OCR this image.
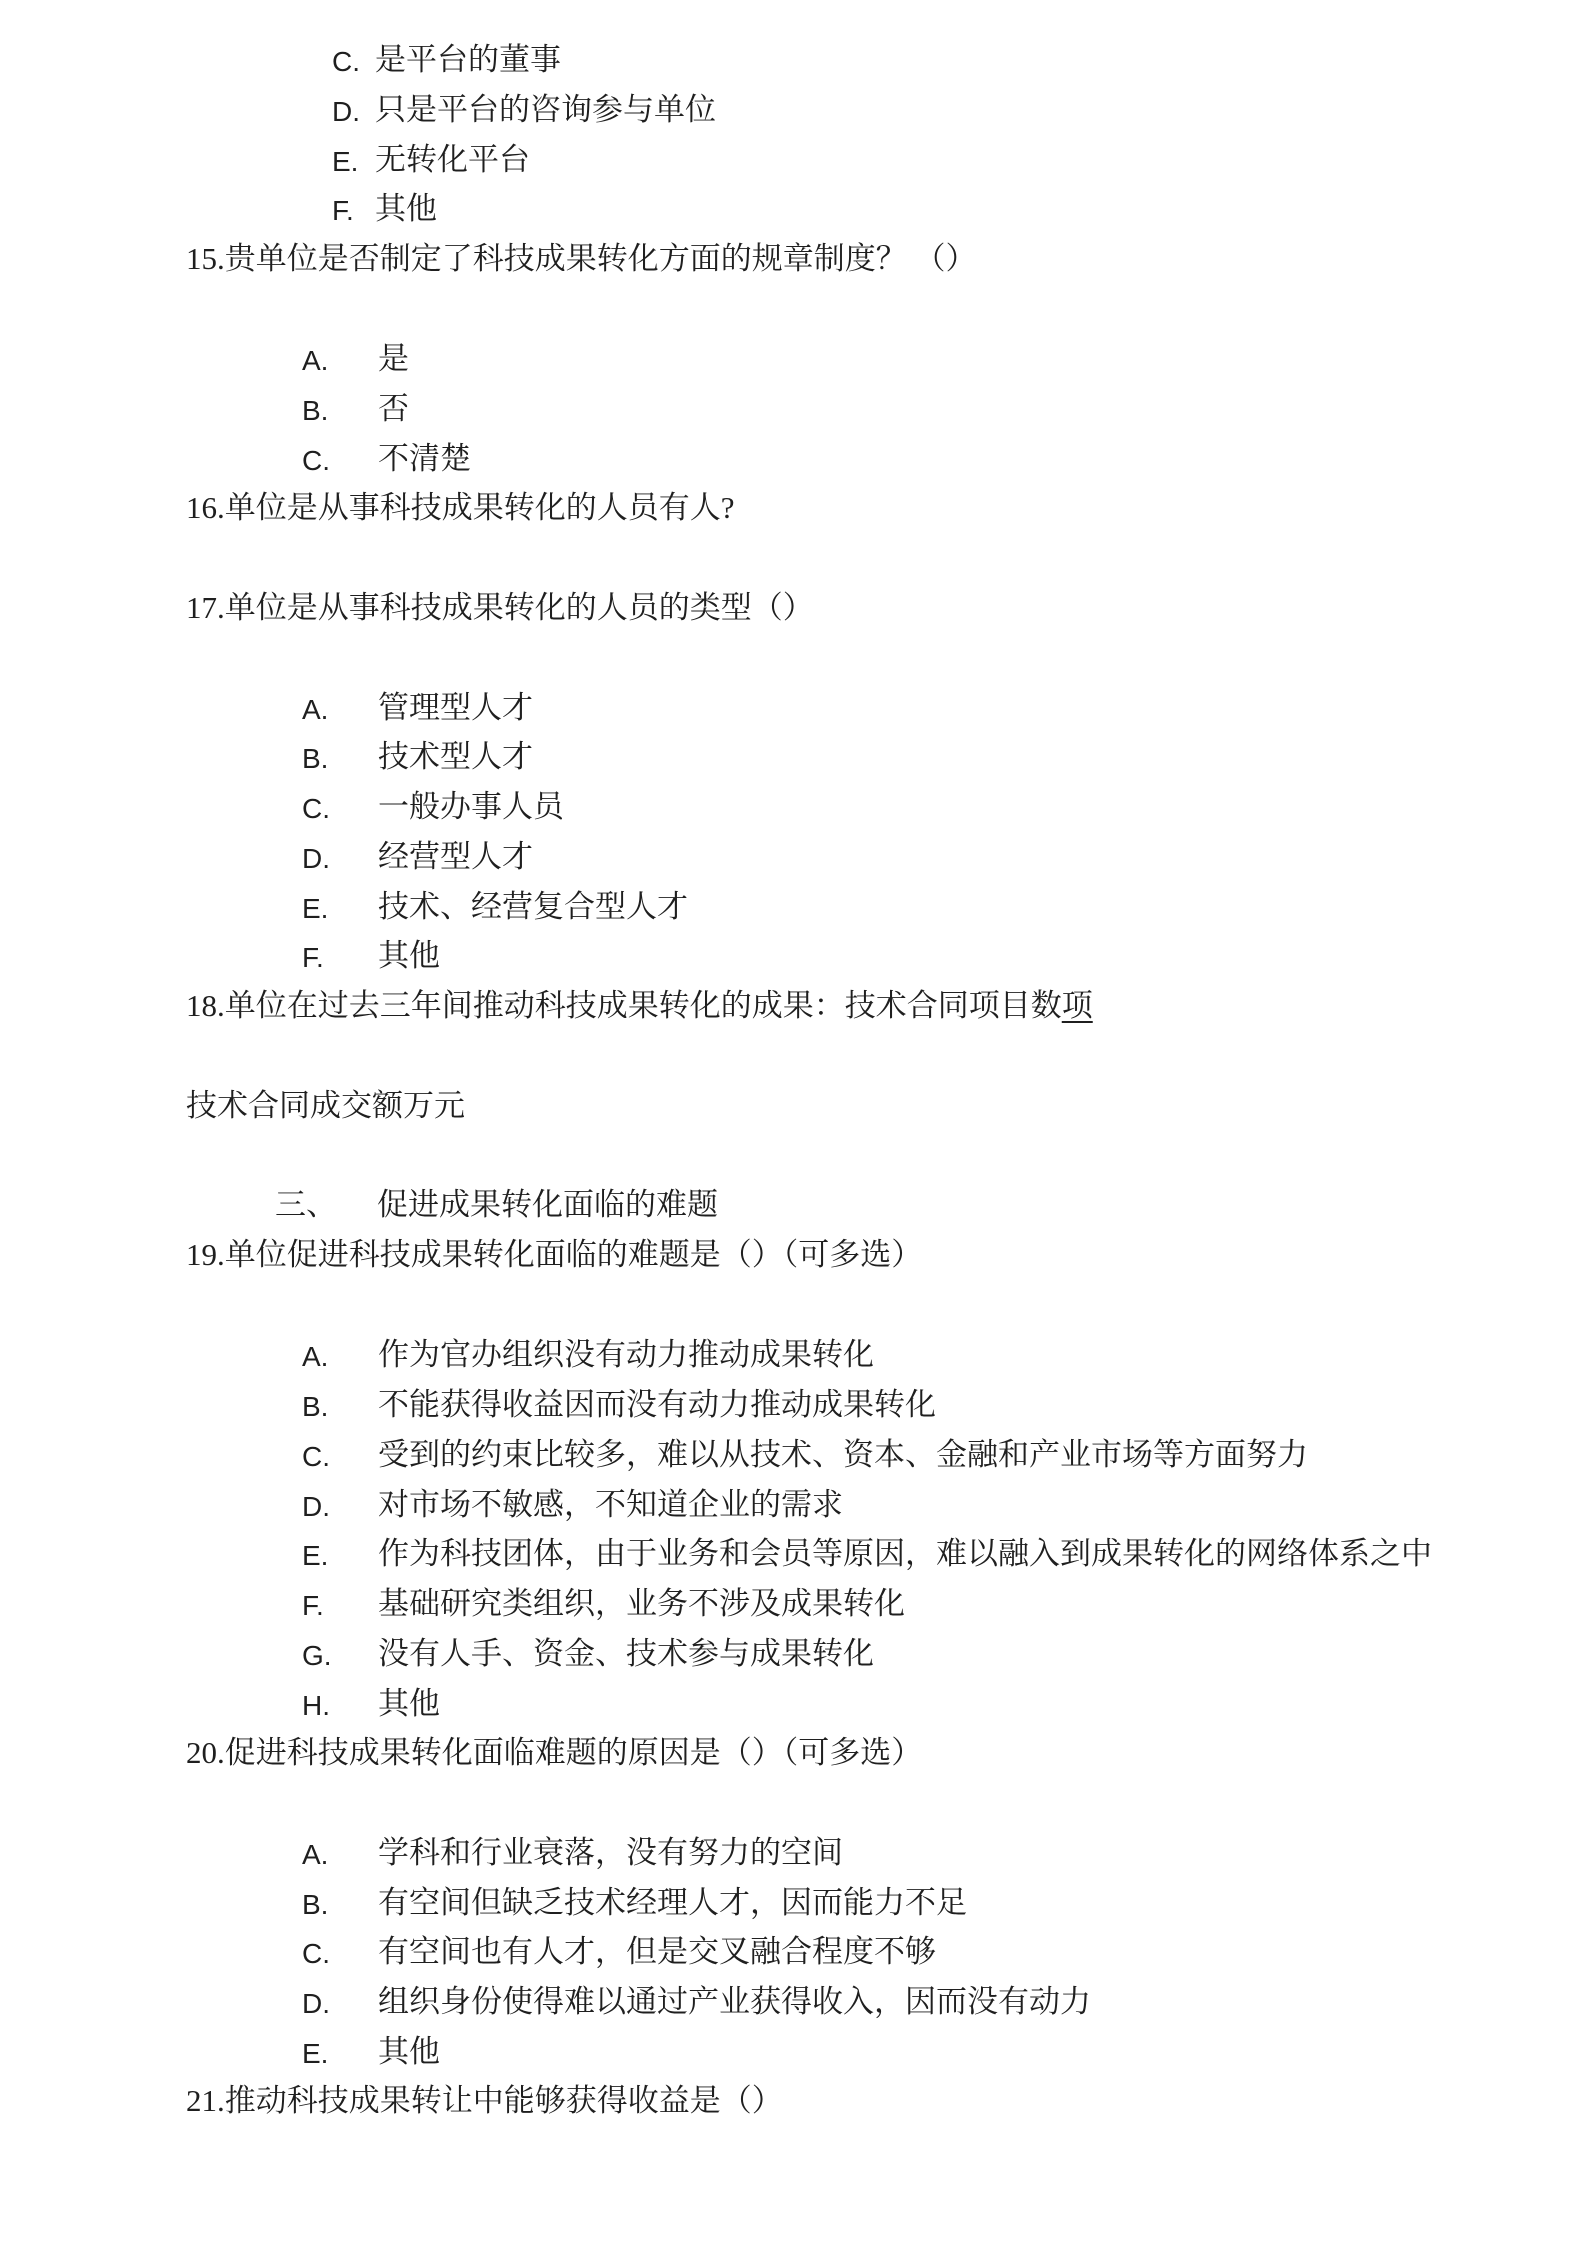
C.

是平台的董事

D.

只是平台的咨询参与单位

E.

无转化平台

F.

其他

15.贵单位是否制定了科技成果转化方面的规章制度？ （）

A.

是

B.

否

C.

不清楚

16.单位是从事科技成果转化的人员有人?

17.单位是从事科技成果转化的人员的类型（）

A.

管理型人才

B.

技术型人才

C.

一般办事人员

D.

经营型人才

E.

技术、经营复合型人才

F.

其他

18.单位在过去三年间推动科技成果转化的成果：技术合同项目数项

技术合同成交额万元

三、

促进成果转化面临的难题

19.单位促进科技成果转化面临的难题是（）（可多选）

A.

作为官办组织没有动力推动成果转化

B.

不能获得收益因而没有动力推动成果转化

C.

受到的约束比较多，难以从技术、资本、金融和产业市场等方面努力

D.

对市场不敏感，不知道企业的需求

E.

作为科技团体，由于业务和会员等原因，难以融入到成果转化的网络体系之中

F.

基础研究类组织，业务不涉及成果转化

G.

没有人手、资金、技术参与成果转化

H.

其他

20.促进科技成果转化面临难题的原因是（）（可多选）

A.

学科和行业衰落，没有努力的空间

B.

有空间但缺乏技术经理人才，因而能力不足

C.

有空间也有人才，但是交叉融合程度不够

D.

组织身份使得难以通过产业获得收入，因而没有动力

E.

其他

21.推动科技成果转让中能够获得收益是（）
